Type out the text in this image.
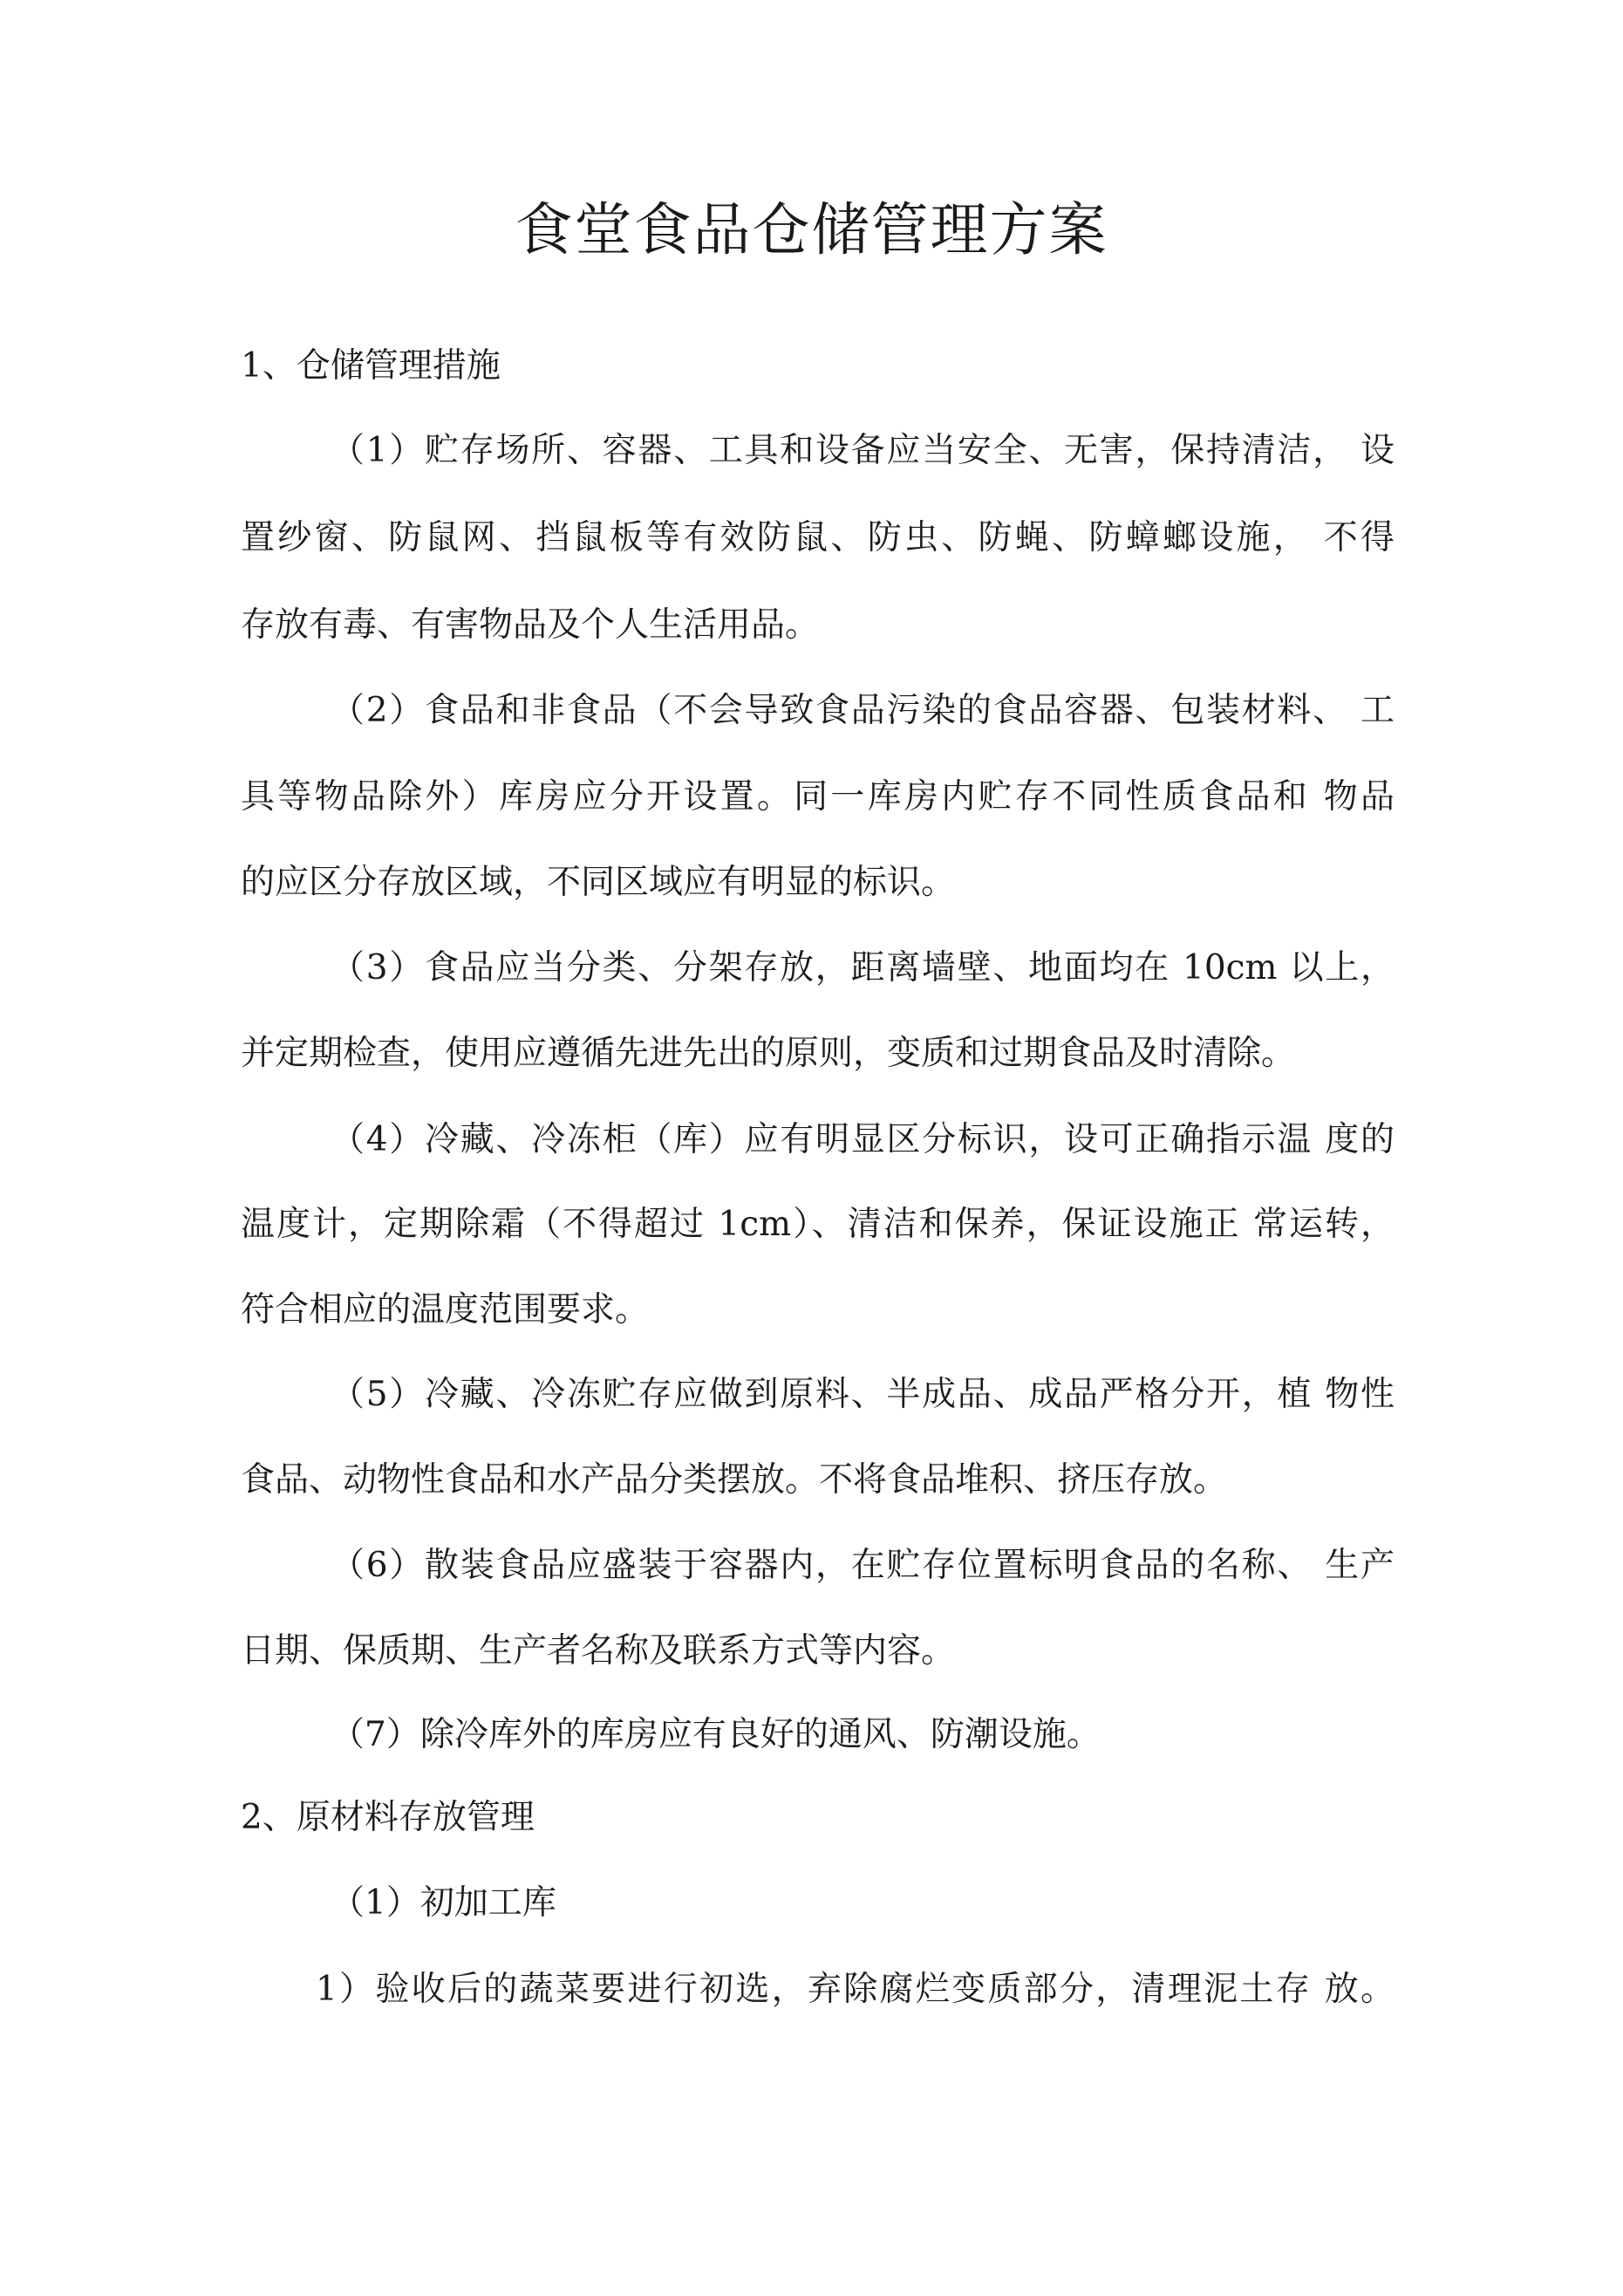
食堂食品仓储管理方案

1、仓储管理措施

（1）贮存场所、容器、工具和设备应当安全、无害，保持清洁， 设

置纱窗、防鼠网、挡鼠板等有效防鼠、防虫、防蝇、防蟑螂设施， 不得

存放有毒、有害物品及个人生活用品。

（2）食品和非食品（不会导致食品污染的食品容器、包装材料、 工

具等物品除外）库房应分开设置。同一库房内贮存不同性质食品和 物品

的应区分存放区域，不同区域应有明显的标识。

（3）食品应当分类、分架存放，距离墙壁、地面均在 10cm 以上，

并定期检查，使用应遵循先进先出的原则，变质和过期食品及时清除。

（4）冷藏、冷冻柜（库）应有明显区分标识，设可正确指示温 度的

温度计，定期除霜（不得超过 1cm）、清洁和保养，保证设施正 常运转，

符合相应的温度范围要求。

（5）冷藏、冷冻贮存应做到原料、半成品、成品严格分开，植 物性

食品、动物性食品和水产品分类摆放。不将食品堆积、挤压存放。

（6）散装食品应盛装于容器内，在贮存位置标明食品的名称、 生产

日期、保质期、生产者名称及联系方式等内容。

（7）除冷库外的库房应有良好的通风、防潮设施。

2、原材料存放管理

（1）初加工库

1）验收后的蔬菜要进行初选，弃除腐烂变质部分，清理泥土存 放。
